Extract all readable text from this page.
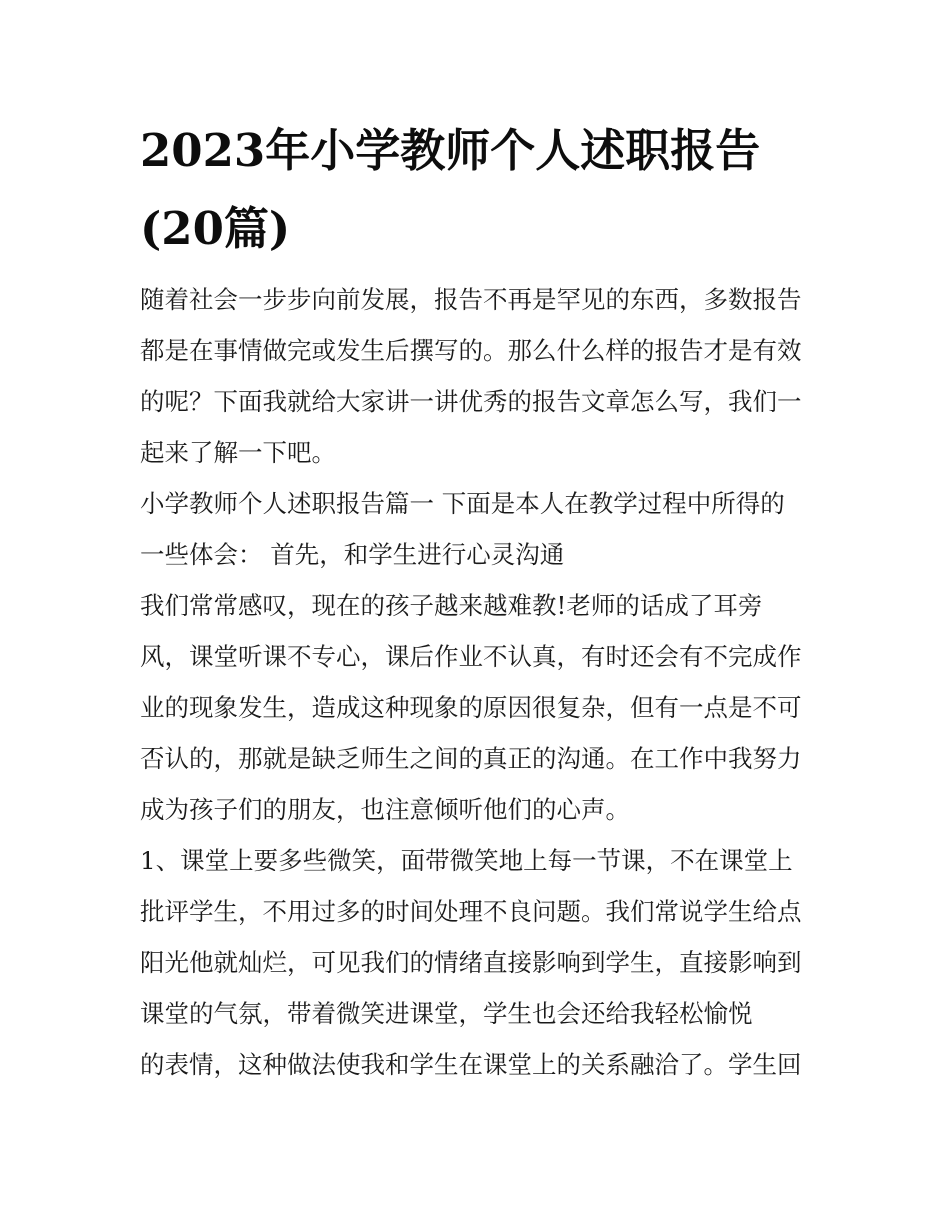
2023年小学教师个人述职报告
(20篇)

随着社会一步步向前发展，报告不再是罕见的东西，多数报告

都是在事情做完或发生后撰写的。那么什么样的报告才是有效

的呢？下面我就给大家讲一讲优秀的报告文章怎么写，我们一

起来了解一下吧。

小学教师个人述职报告篇一 下面是本人在教学过程中所得的

一些体会： 首先，和学生进行心灵沟通

我们常常感叹，现在的孩子越来越难教!老师的话成了耳旁

风，课堂听课不专心，课后作业不认真，有时还会有不完成作

业的现象发生，造成这种现象的原因很复杂，但有一点是不可

否认的，那就是缺乏师生之间的真正的沟通。在工作中我努力

成为孩子们的朋友，也注意倾听他们的心声。

1、课堂上要多些微笑，面带微笑地上每一节课，不在课堂上

批评学生，不用过多的时间处理不良问题。我们常说学生给点

阳光他就灿烂，可见我们的情绪直接影响到学生，直接影响到

课堂的气氛，带着微笑进课堂，学生也会还给我轻松愉悦

的表情，这种做法使我和学生在课堂上的关系融洽了。学生回
